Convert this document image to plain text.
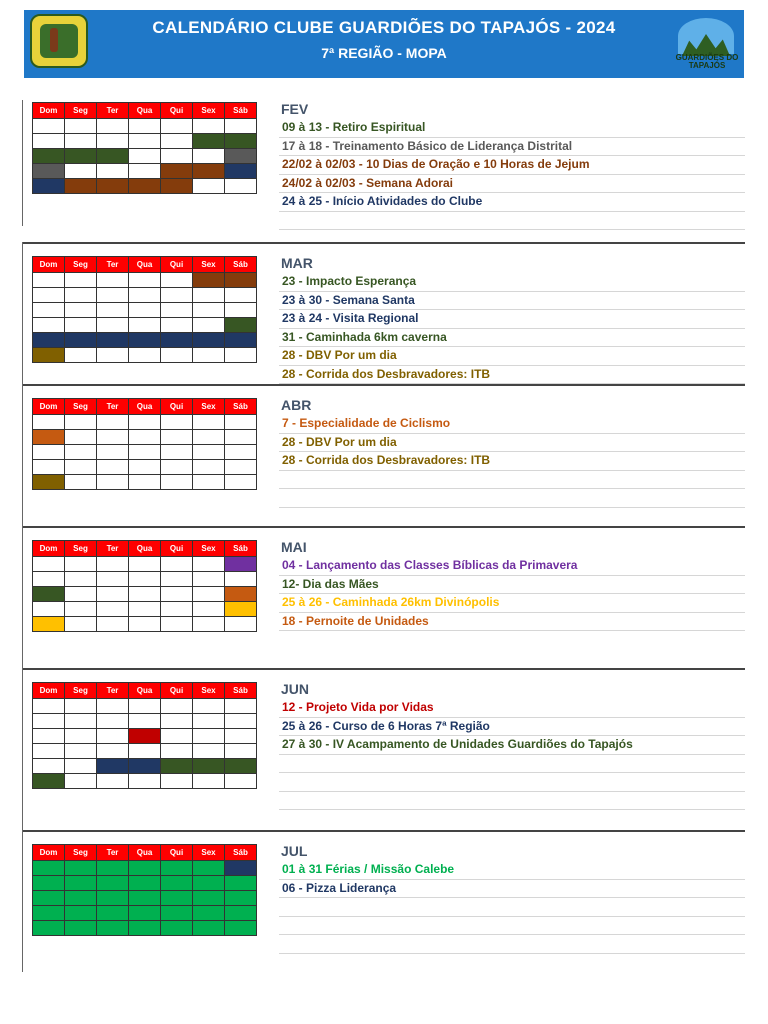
CALENDÁRIO CLUBE GUARDIÕES DO TAPAJÓS - 2024
7ª REGIÃO - MOPA	GUARDIÕES DO TAPAJÓS
Dom	Seg	Ter	Qua	Qui	Sex	Sáb

						FEV
09 à 13 - Retiro Espiritual
17 à 18 - Treinamento Básico de Liderança Distrital
22/02 à 02/03 - 10 Dias de Oração e 10 Horas de Jejum
24/02 à 02/03 - Semana Adorai
24 à 25 - Início Atividades do Clube
Dom	Seg	Ter	Qua	Qui	Sex	Sáb

						MAR
23 - Impacto Esperança
23 à 30 - Semana Santa
23 à 24 - Visita Regional
31 - Caminhada 6km caverna
28 - DBV Por um dia
28 - Corrida dos Desbravadores: ITB
Dom	Seg	Ter	Qua	Qui	Sex	Sáb

						ABR
7 - Especialidade de Ciclismo
28 - DBV Por um dia
28 - Corrida dos Desbravadores: ITB
Dom	Seg	Ter	Qua	Qui	Sex	Sáb

						MAI
04 - Lançamento das Classes Bíblicas da Primavera
12- Dia das Mães
25 à 26 - Caminhada 26km Divinópolis
18 - Pernoite de Unidades
Dom	Seg	Ter	Qua	Qui	Sex	Sáb

						JUN
12 - Projeto Vida por Vidas
25 à 26 - Curso de 6 Horas 7ª Região
27 à 30 - IV Acampamento de Unidades Guardiões do Tapajós
Dom	Seg	Ter	Qua	Qui	Sex	Sáb

						JUL
01 à 31 Férias / Missão Calebe
06 - Pizza Liderança
